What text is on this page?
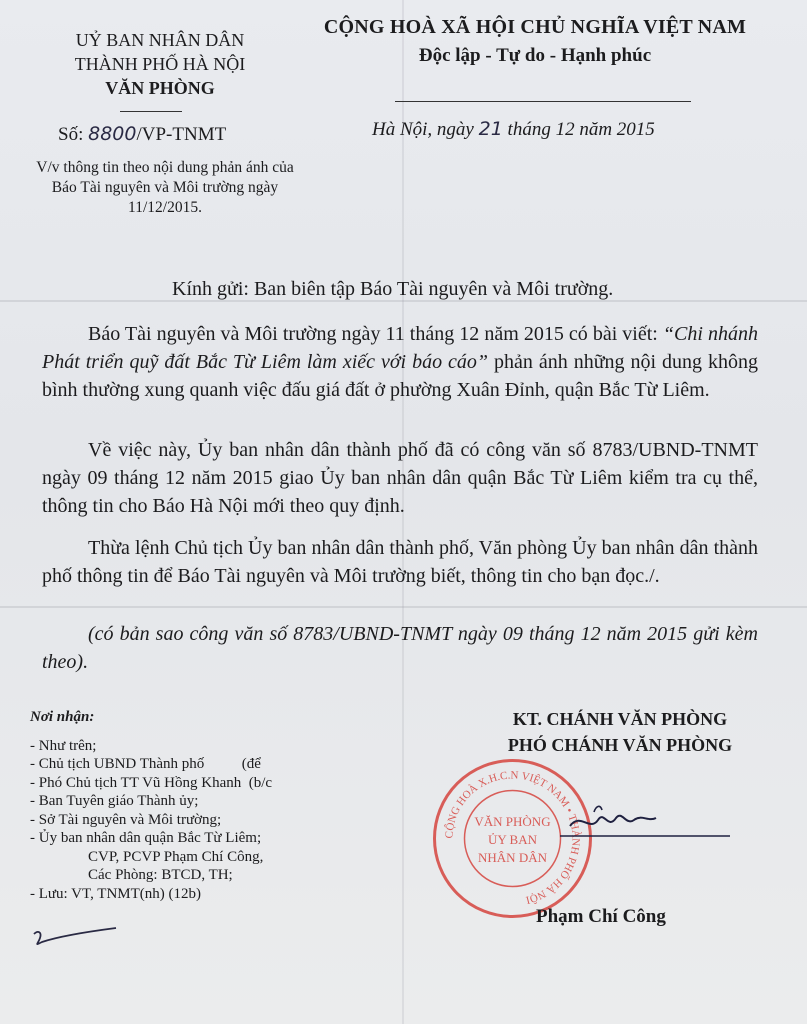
UỶ BAN NHÂN DÂN
THÀNH PHỐ HÀ NỘI
VĂN PHÒNG
CỘNG HOÀ XÃ HỘI CHỦ NGHĨA VIỆT NAM
Độc lập - Tự do - Hạnh phúc
Số: 8800/VP-TNMT	Hà Nội, ngày 21 tháng 12 năm 2015
V/v thông tin theo nội dung phản ánh của Báo Tài nguyên và Môi trường ngày 11/12/2015.
Kính gửi: Ban biên tập Báo Tài nguyên và Môi trường.
Báo Tài nguyên và Môi trường ngày 11 tháng 12 năm 2015 có bài viết: “Chi nhánh Phát triển quỹ đất Bắc Từ Liêm làm xiếc với báo cáo” phản ánh những nội dung không bình thường xung quanh việc đấu giá đất ở phường Xuân Đỉnh, quận Bắc Từ Liêm.
Về việc này, Ủy ban nhân dân thành phố đã có công văn số 8783/UBND-TNMT ngày 09 tháng 12 năm 2015 giao Ủy ban nhân dân quận Bắc Từ Liêm kiểm tra cụ thể, thông tin cho Báo Hà Nội mới theo quy định.
Thừa lệnh Chủ tịch Ủy ban nhân dân thành phố, Văn phòng Ủy ban nhân dân thành phố thông tin để Báo Tài nguyên và Môi trường biết, thông tin cho bạn đọc./.
(có bản sao công văn số 8783/UBND-TNMT ngày 09 tháng 12 năm 2015 gửi kèm theo).
Nơi nhận:
- Như trên;
- Chủ tịch UBND Thành phố          (để
- Phó Chủ tịch TT Vũ Hồng Khanh  (b/c
- Ban Tuyên giáo Thành ủy;
- Sở Tài nguyên và Môi trường;
- Ủy ban nhân dân quận Bắc Từ Liêm;
CVP, PCVP Phạm Chí Công,
Các Phòng: BTCD, TH;
- Lưu: VT, TNMT(nh) (12b)
KT. CHÁNH VĂN PHÒNG
PHÓ CHÁNH VĂN PHÒNG
CỘNG HOÀ X.H.C.N VIỆT NAM • THÀNH PHỐ HÀ NỘI
VĂN PHÒNG
ỦY BAN
NHÂN DÂN
Phạm Chí Công
